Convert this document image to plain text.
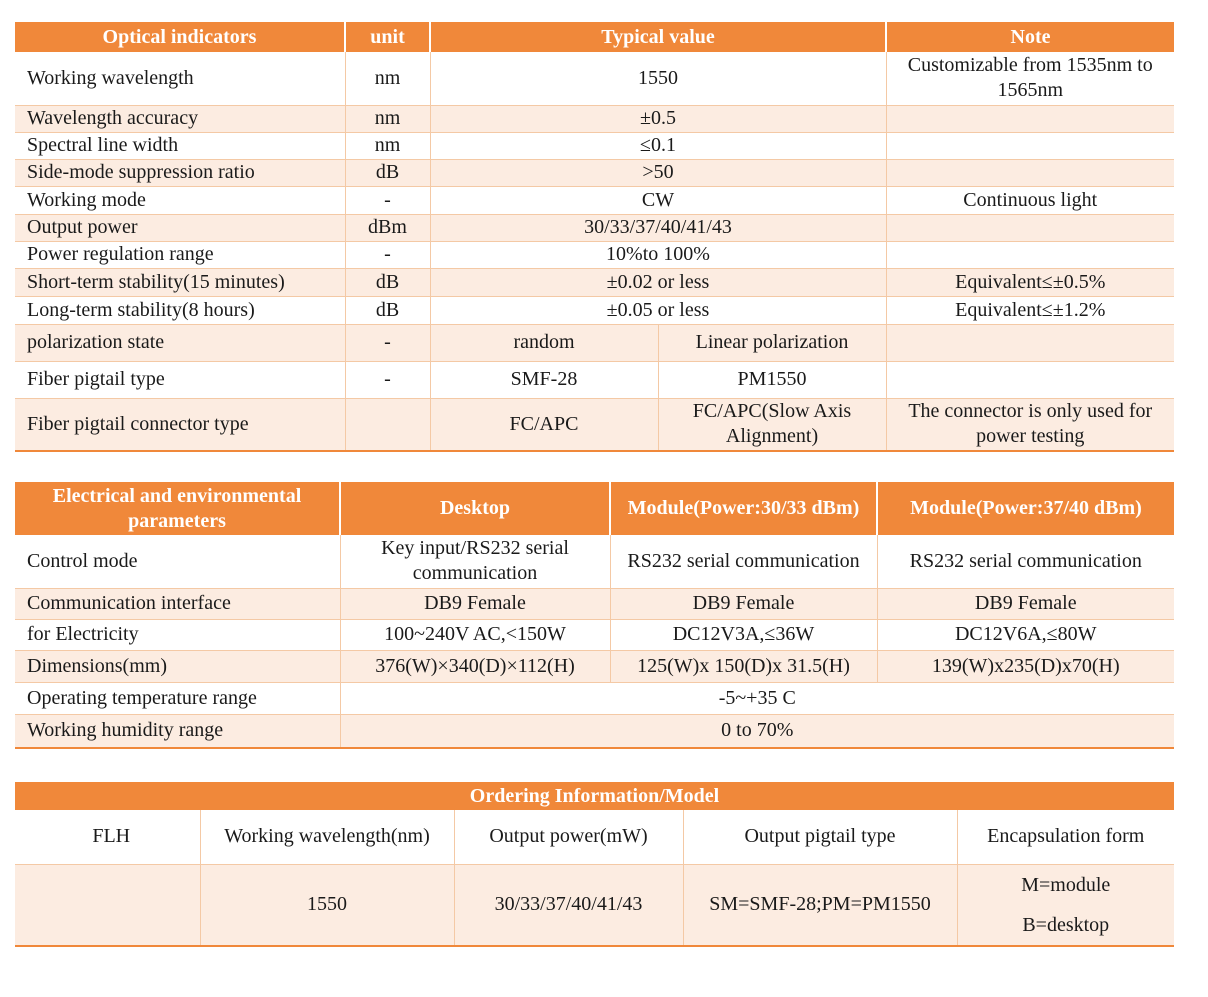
Optical indicators	unit	Typical value		Note
Working wavelength	nm	1550		Customizable from 1535nm to 1565nm
Wavelength accuracy	nm	±0.5		
Spectral line width	nm	≤0.1		
Side-mode suppression ratio	dB	>50		
Working mode	-	CW		Continuous light
Output power	dBm	30/33/37/40/41/43		
Power regulation range	-	10%to 100%		
Short-term stability(15 minutes)	dB	±0.02 or less		Equivalent≤±0.5%
Long-term stability(8 hours)	dB	±0.05 or less		Equivalent≤±1.2%
polarization state	-	random	Linear polarization	
Fiber pigtail type	-	SMF-28	PM1550	
Fiber pigtail connector type		FC/APC	FC/APC(Slow Axis Alignment)	The connector is only used for power testing
Electrical and environmental parameters	Desktop	Module(Power:30/33 dBm)	Module(Power:37/40 dBm)
Control mode	Key input/RS232 serial communication	RS232 serial communication	RS232 serial communication
Communication interface	DB9 Female	DB9 Female	DB9 Female
for Electricity	100~240V AC,<150W	DC12V3A,≤36W	DC12V6A,≤80W
Dimensions(mm)	376(W)×340(D)×112(H)	125(W)x 150(D)x 31.5(H)	139(W)x235(D)x70(H)
Operating temperature range	-5~+35 C		
Working humidity range	0 to 70%		
Ordering Information/Model				
FLH	Working wavelength(nm)	Output power(mW)	Output pigtail type	Encapsulation form
	1550	30/33/37/40/41/43	SM=SMF-28;PM=PM1550	M=module
B=desktop
